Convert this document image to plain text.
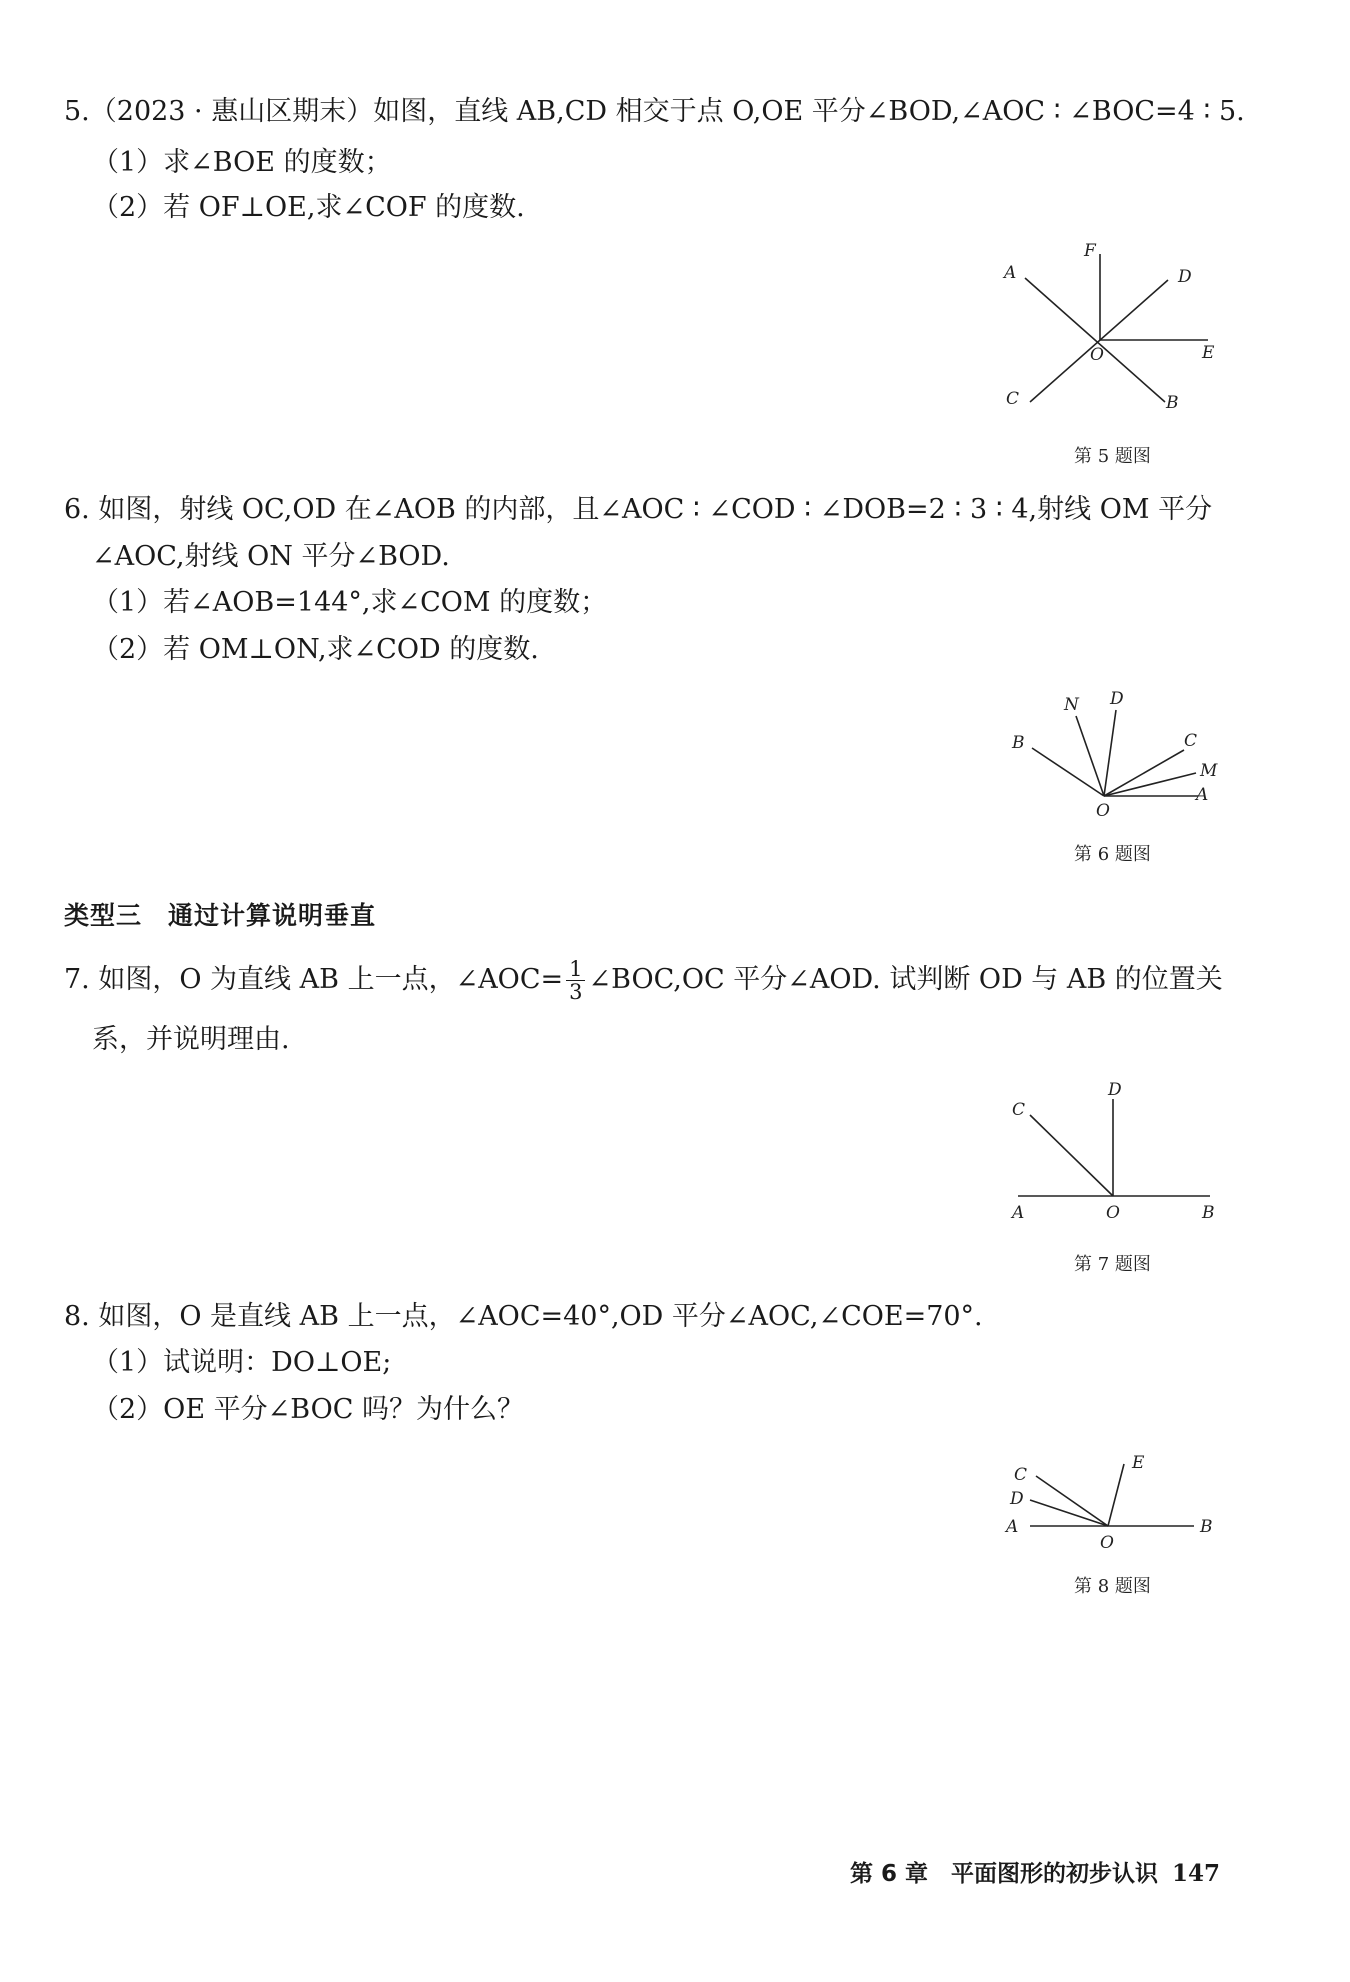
5.（2023 · 惠山区期末）如图，直线 AB,CD 相交于点 O,OE 平分∠BOD,∠AOC ∶ ∠BOC=4 ∶ 5.
（1）求∠BOE 的度数；
（2）若 OF⊥OE,求∠COF 的度数.
A
F
D
O	E
C	B
第 5 题图
6. 如图，射线 OC,OD 在∠AOB 的内部，且∠AOC ∶ ∠COD ∶ ∠DOB=2 ∶ 3 ∶ 4,射线 OM 平分
∠AOC,射线 ON 平分∠BOD.
（1）若∠AOB=144°,求∠COM 的度数；
（2）若 OM⊥ON,求∠COD 的度数.
N D
B	C
M
A
O
第 6 题图
类型三　通过计算说明垂直
7. 如图，O 为直线 AB 上一点，∠AOC= $\frac{1}{3}$ ∠BOC,OC 平分∠AOD. 试判断 OD 与 AB 的位置关
系，并说明理由.
C
D
A	O	B
第 7 题图
8. 如图，O 是直线 AB 上一点，∠AOC=40°,OD 平分∠AOC,∠COE=70°.
（1）试说明：DO⊥OE;
（2）OE 平分∠BOC 吗？为什么？
C
E
D
A
O
B
第 8 题图
第 6 章　平面图形的初步认识 147
